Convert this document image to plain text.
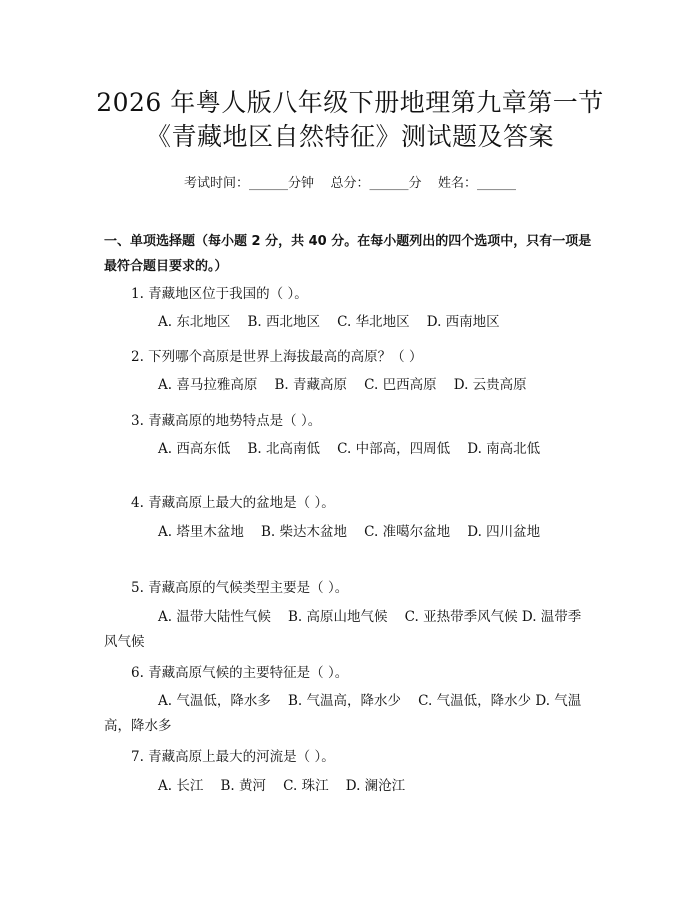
2026 年粤人版八年级下册地理第九章第一节
《青藏地区自然特征》测试题及答案
考试时间：______分钟    总分：______分    姓名：______
一、单项选择题（每小题 2 分，共 40 分。在每小题列出的四个选项中，只有一项是最符合题目要求的。）
1. 青藏地区位于我国的（ ）。
A. 东北地区    B. 西北地区    C. 华北地区    D. 西南地区
2. 下列哪个高原是世界上海拔最高的高原？（ ）
A. 喜马拉雅高原    B. 青藏高原    C. 巴西高原    D. 云贵高原
3. 青藏高原的地势特点是（ ）。
A. 西高东低    B. 北高南低    C. 中部高，四周低    D. 南高北低
4. 青藏高原上最大的盆地是（ ）。
A. 塔里木盆地    B. 柴达木盆地    C. 准噶尔盆地    D. 四川盆地
5. 青藏高原的气候类型主要是（ ）。
A. 温带大陆性气候    B. 高原山地气候    C. 亚热带季风气候 D. 温带季风气候
6. 青藏高原气候的主要特征是（ ）。
A. 气温低，降水多    B. 气温高，降水少    C. 气温低，降水少 D. 气温高，降水多
7. 青藏高原上最大的河流是（ ）。
A. 长江    B. 黄河    C. 珠江    D. 澜沧江
